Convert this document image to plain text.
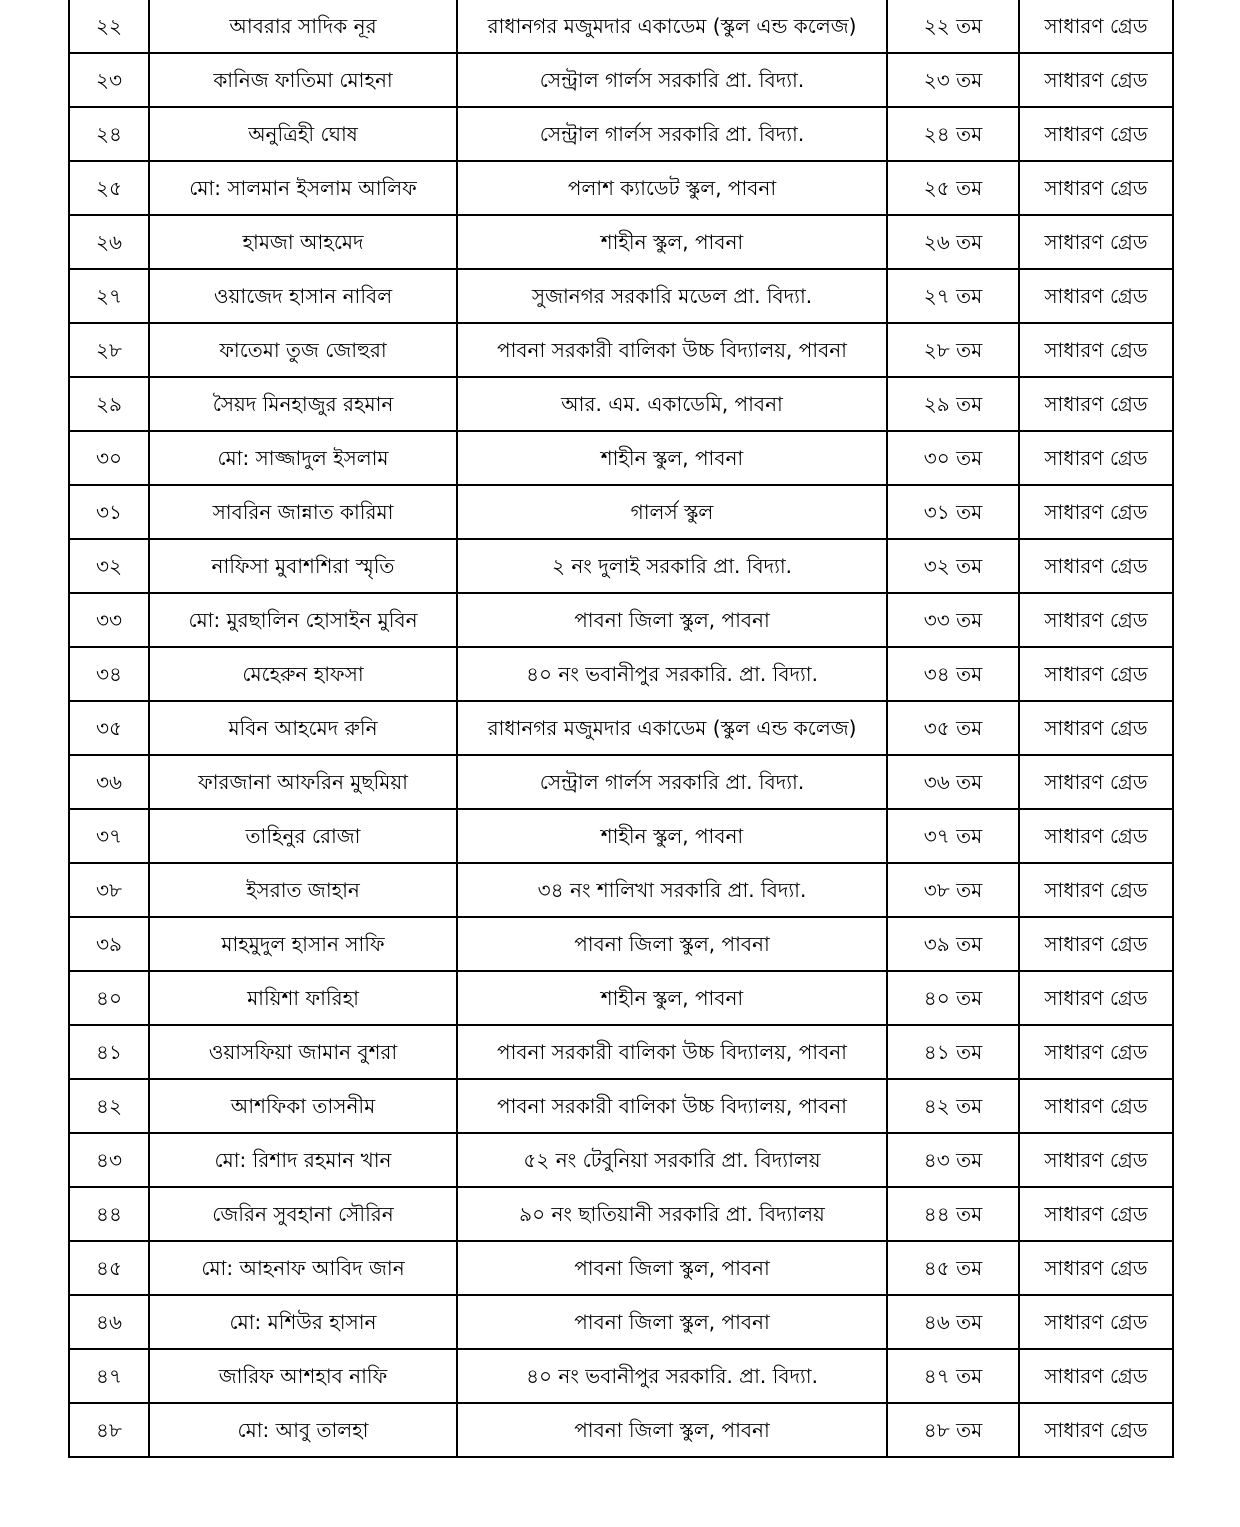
২২	আবরার সাদিক নূর	রাধানগর মজুমদার একাডেম (স্কুল এন্ড কলেজ)	২২ তম	সাধারণ গ্রেড
২৩	কানিজ ফাতিমা মোহনা	সেন্ট্রাল গার্লস সরকারি প্রা. বিদ্যা.	২৩ তম	সাধারণ গ্রেড
২৪	অনুত্রিহী ঘোষ	সেন্ট্রাল গার্লস সরকারি প্রা. বিদ্যা.	২৪ তম	সাধারণ গ্রেড
২৫	মো: সালমান ইসলাম আলিফ	পলাশ ক্যাডেট স্কুল, পাবনা	২৫ তম	সাধারণ গ্রেড
২৬	হামজা আহমেদ	শাহীন স্কুল, পাবনা	২৬ তম	সাধারণ গ্রেড
২৭	ওয়াজেদ হাসান নাবিল	সুজানগর সরকারি মডেল প্রা. বিদ্যা.	২৭ তম	সাধারণ গ্রেড
২৮	ফাতেমা তুজ জোহুরা	পাবনা সরকারী বালিকা উচ্চ বিদ্যালয়, পাবনা	২৮ তম	সাধারণ গ্রেড
২৯	সৈয়দ মিনহাজুর রহমান	আর. এম. একাডেমি, পাবনা	২৯ তম	সাধারণ গ্রেড
৩০	মো: সাজ্জাদুল ইসলাম	শাহীন স্কুল, পাবনা	৩০ তম	সাধারণ গ্রেড
৩১	সাবরিন জান্নাত কারিমা	গালর্স স্কুল	৩১ তম	সাধারণ গ্রেড
৩২	নাফিসা মুবাশশিরা স্মৃতি	২ নং দুলাই সরকারি প্রা. বিদ্যা.	৩২ তম	সাধারণ গ্রেড
৩৩	মো: মুরছালিন হোসাইন মুবিন	পাবনা জিলা স্কুল, পাবনা	৩৩ তম	সাধারণ গ্রেড
৩৪	মেহেরুন হাফসা	৪০ নং ভবানীপুর সরকারি. প্রা. বিদ্যা.	৩৪ তম	সাধারণ গ্রেড
৩৫	মবিন আহমেদ রুনি	রাধানগর মজুমদার একাডেম (স্কুল এন্ড কলেজ)	৩৫ তম	সাধারণ গ্রেড
৩৬	ফারজানা আফরিন মুছমিয়া	সেন্ট্রাল গার্লস সরকারি প্রা. বিদ্যা.	৩৬ তম	সাধারণ গ্রেড
৩৭	তাহিনুর রোজা	শাহীন স্কুল, পাবনা	৩৭ তম	সাধারণ গ্রেড
৩৮	ইসরাত জাহান	৩৪ নং শালিখা সরকারি প্রা. বিদ্যা.	৩৮ তম	সাধারণ গ্রেড
৩৯	মাহমুদুল হাসান সাফি	পাবনা জিলা স্কুল, পাবনা	৩৯ তম	সাধারণ গ্রেড
৪০	মায়িশা ফারিহা	শাহীন স্কুল, পাবনা	৪০ তম	সাধারণ গ্রেড
৪১	ওয়াসফিয়া জামান বুশরা	পাবনা সরকারী বালিকা উচ্চ বিদ্যালয়, পাবনা	৪১ তম	সাধারণ গ্রেড
৪২	আশফিকা তাসনীম	পাবনা সরকারী বালিকা উচ্চ বিদ্যালয়, পাবনা	৪২ তম	সাধারণ গ্রেড
৪৩	মো: রিশাদ রহমান খান	৫২ নং টেবুনিয়া সরকারি প্রা. বিদ্যালয়	৪৩ তম	সাধারণ গ্রেড
৪৪	জেরিন সুবহানা সৌরিন	৯০ নং ছাতিয়ানী সরকারি প্রা. বিদ্যালয়	৪৪ তম	সাধারণ গ্রেড
৪৫	মো: আহনাফ আবিদ জান	পাবনা জিলা স্কুল, পাবনা	৪৫ তম	সাধারণ গ্রেড
৪৬	মো: মশিউর হাসান	পাবনা জিলা স্কুল, পাবনা	৪৬ তম	সাধারণ গ্রেড
৪৭	জারিফ আশহাব নাফি	৪০ নং ভবানীপুর সরকারি. প্রা. বিদ্যা.	৪৭ তম	সাধারণ গ্রেড
৪৮	মো: আবু তালহা	পাবনা জিলা স্কুল, পাবনা	৪৮ তম	সাধারণ গ্রেড
